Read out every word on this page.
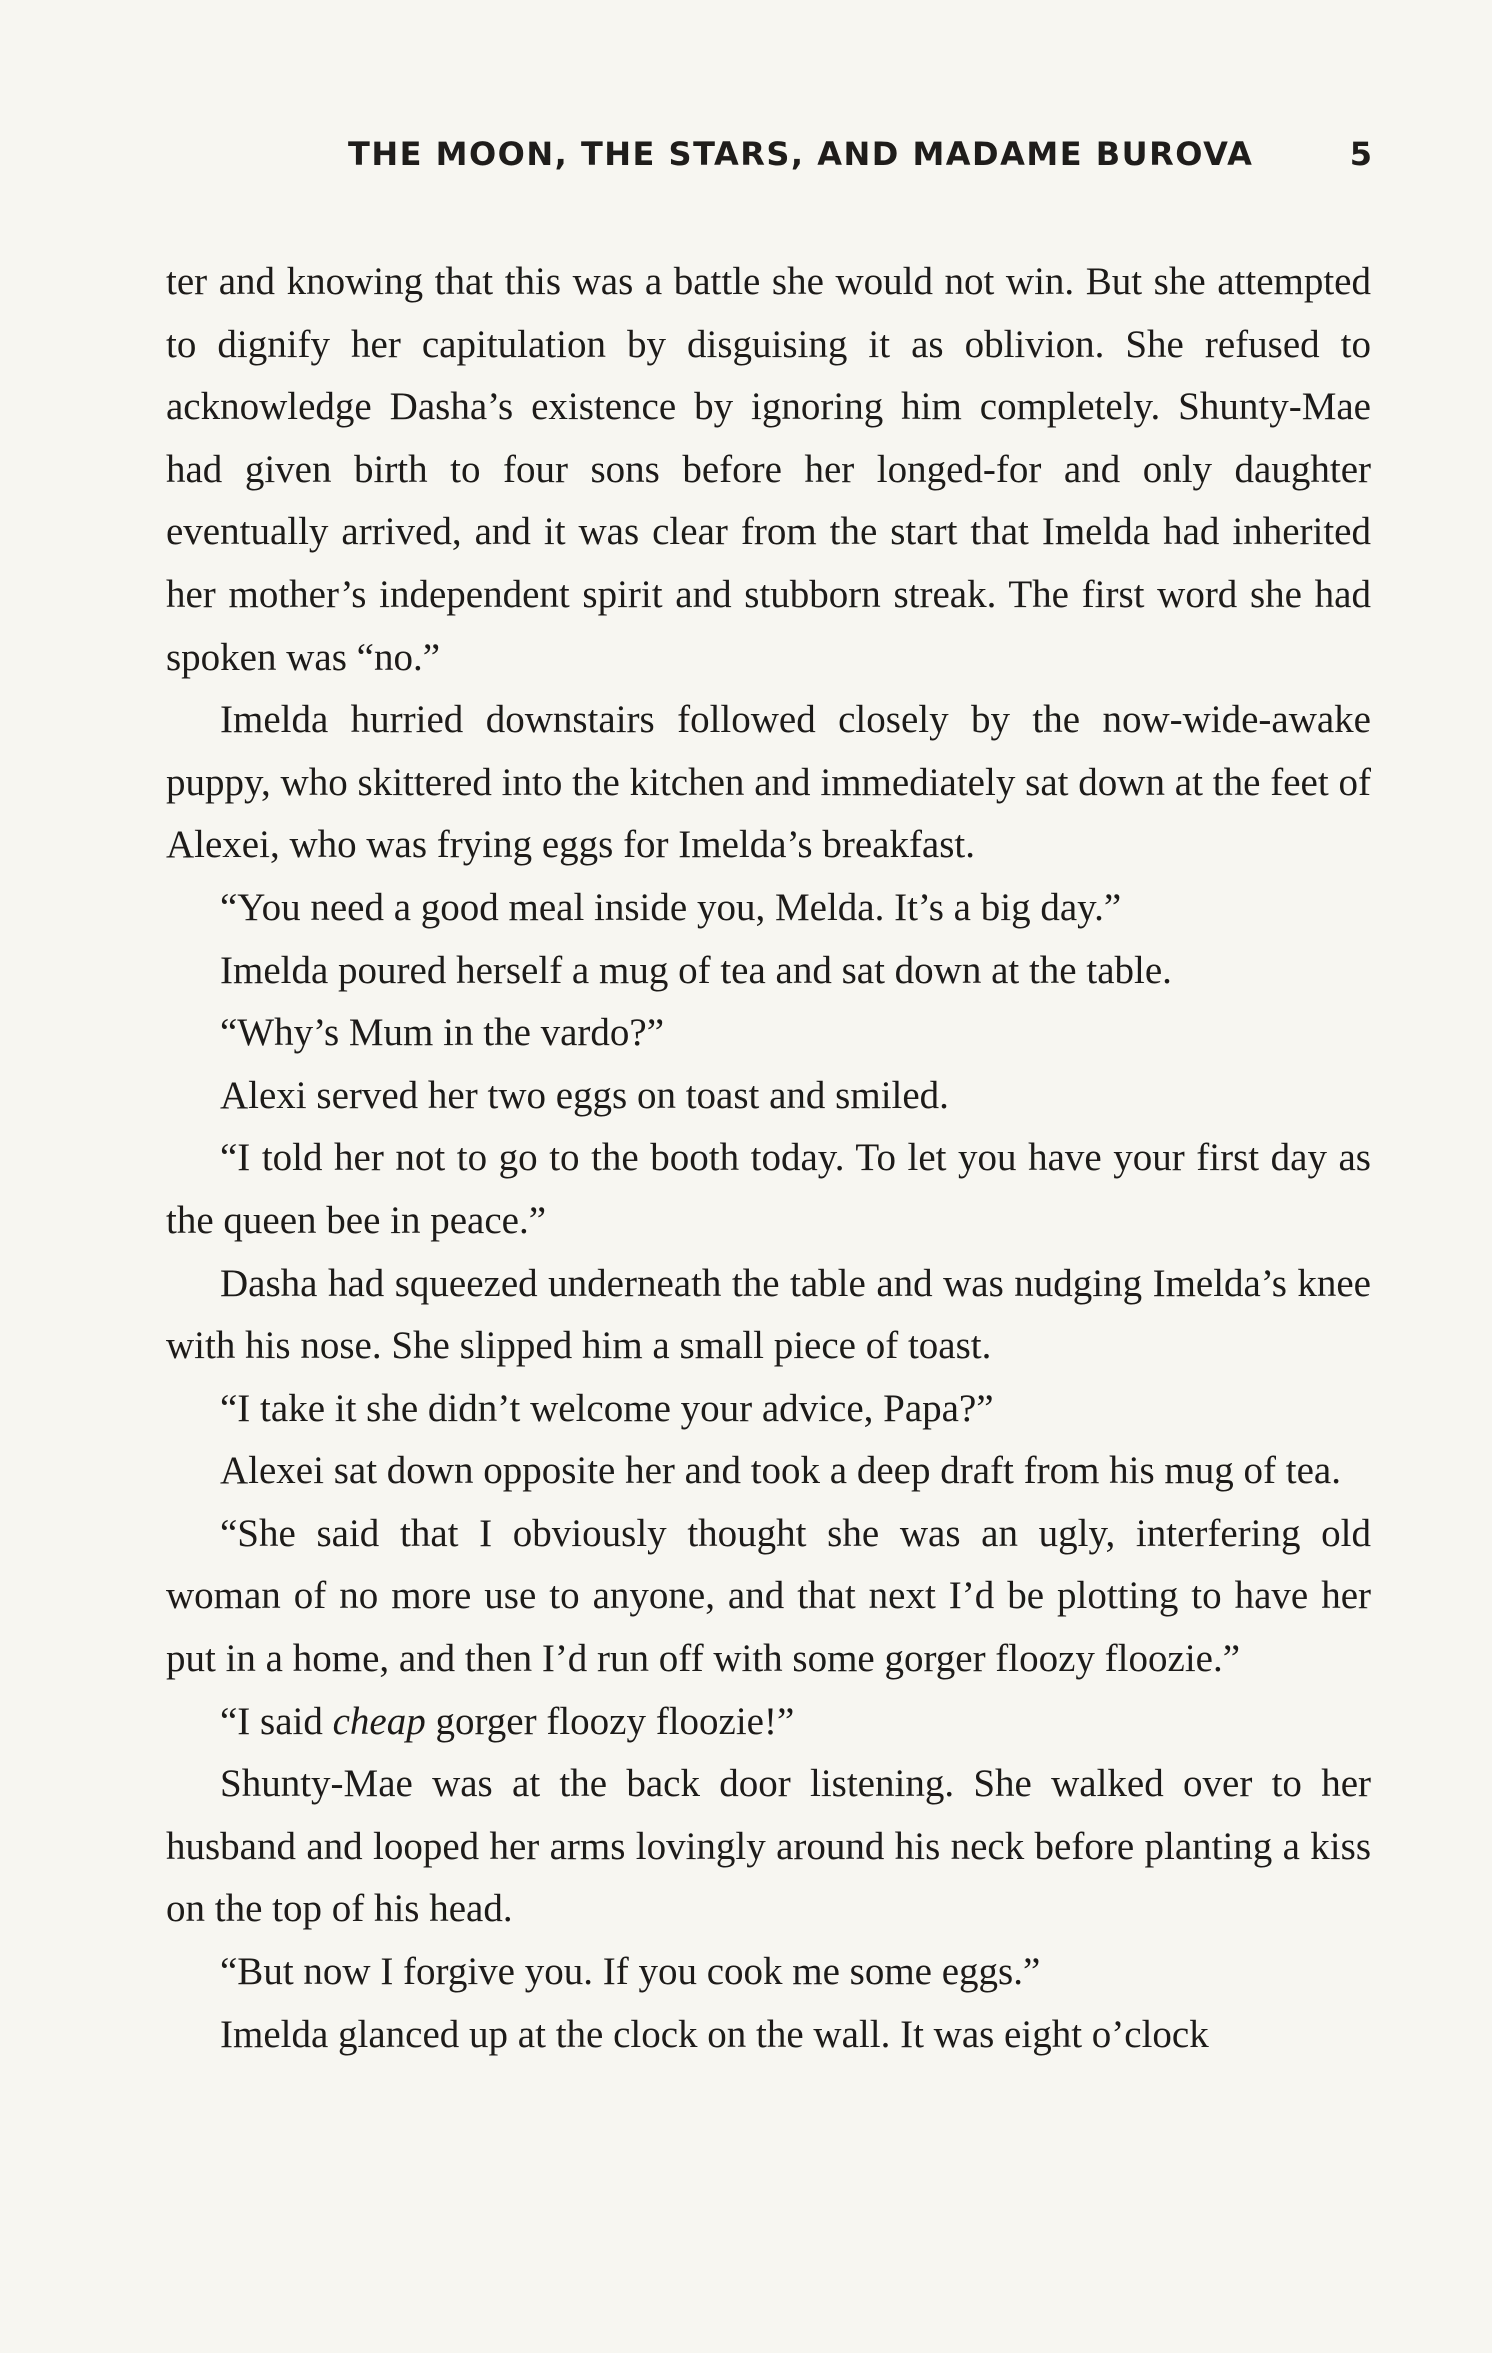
THE MOON, THE STARS, AND MADAME BUROVA	5

ter and knowing that this was a battle she would not win. But she attempted to dignify her capitulation by disguising it as oblivion. She refused to acknowledge Dasha’s existence by ignoring him completely. Shunty-Mae had given birth to four sons before her longed-for and only daughter eventually arrived, and it was clear from the start that Imelda had inherited her mother’s independent spirit and stubborn streak. The first word she had spoken was “no.”

Imelda hurried downstairs followed closely by the now-wide-awake puppy, who skittered into the kitchen and immediately sat down at the feet of Alexei, who was frying eggs for Imelda’s breakfast.

“You need a good meal inside you, Melda. It’s a big day.”

Imelda poured herself a mug of tea and sat down at the table.

“Why’s Mum in the vardo?”

Alexi served her two eggs on toast and smiled.

“I told her not to go to the booth today. To let you have your first day as the queen bee in peace.”

Dasha had squeezed underneath the table and was nudging Imelda’s knee with his nose. She slipped him a small piece of toast.

“I take it she didn’t welcome your advice, Papa?”

Alexei sat down opposite her and took a deep draft from his mug of tea.

“She said that I obviously thought she was an ugly, interfering old woman of no more use to anyone, and that next I’d be plotting to have her put in a home, and then I’d run off with some gorger floozy floozie.”

“I said cheap gorger floozy floozie!”

Shunty-Mae was at the back door listening. She walked over to her husband and looped her arms lovingly around his neck before planting a kiss on the top of his head.

“But now I forgive you. If you cook me some eggs.”

Imelda glanced up at the clock on the wall. It was eight o’clock
